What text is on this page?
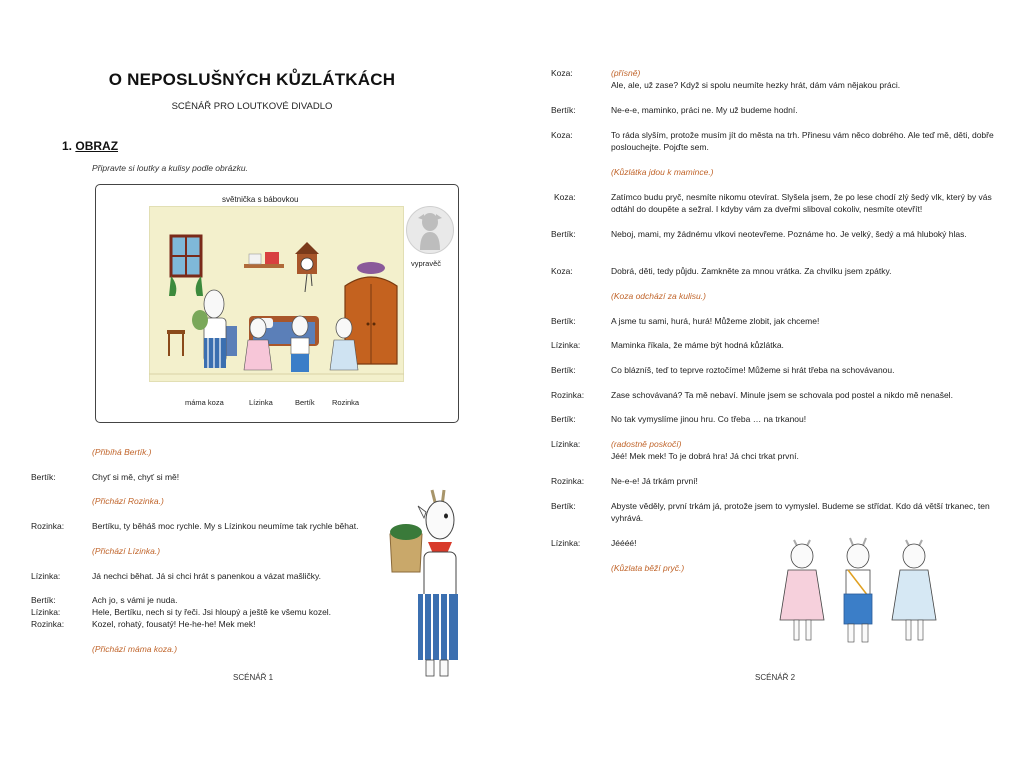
O NEPOSLUŠNÝCH KŮZLÁTKÁCH
SCÉNÁŘ PRO LOUTKOVÉ DIVADLO
1. OBRAZ
Připravte si loutky a kulisy podle obrázku.
světnička s bábovkou
vypravěč
máma koza	Lízinka	Bertík Rozinka
(Přibíhá Bertík.)
Bertík:	Chyť si mě, chyť si mě!
(Přichází Rozinka.)
Rozinka:	Bertíku, ty běháš moc rychle. My s Lízinkou neumíme tak rychle běhat.
(Přichází Lízinka.)
Lízinka:	Já nechci běhat. Já si chci hrát s panenkou a vázat mašličky.
Bertík:	Ach jo, s vámi je nuda.
Lízinka:	Hele, Bertíku, nech si ty řeči. Jsi hloupý a ještě ke všemu kozel.
Rozinka:	Kozel, rohatý, fousatý! He-he-he! Mek mek!
(Přichází máma koza.)
SCÉNÁŘ 1
Koza:	(přísně)
Ale, ale, už zase? Když si spolu neumíte hezky hrát, dám vám nějakou práci.
Bertík:	Ne-e-e, maminko, práci ne. My už budeme hodní.
Koza:	To ráda slyším, protože musím jít do města na trh. Přinesu vám něco dobrého. Ale teď mě, děti, dobře poslouchejte. Pojďte sem.
(Kůzlátka jdou k mamince.)
Koza:	Zatímco budu pryč, nesmíte nikomu otevírat. Slyšela jsem, že po lese chodí zlý šedý vlk, který by vás odtáhl do doupěte a sežral. I kdyby vám za dveřmi sliboval cokoliv, nesmíte otevřít!
Bertík:	Neboj, mami, my žádnému vlkovi neotevřeme. Poznáme ho. Je velký, šedý a má hluboký hlas.
Koza:	Dobrá, děti, tedy půjdu. Zamkněte za mnou vrátka. Za chvilku jsem zpátky.
(Koza odchází za kulisu.)
Bertík:	A jsme tu sami, hurá, hurá! Můžeme zlobit, jak chceme!
Lízinka:	Maminka říkala, že máme být hodná kůzlátka.
Bertík:	Co blázníš, teď to teprve roztočíme! Můžeme si hrát třeba na schovávanou.
Rozinka:	Zase schovávaná? Ta mě nebaví. Minule jsem se schovala pod postel a nikdo mě nenašel.
Bertík:	No tak vymyslíme jinou hru. Co třeba … na trkanou!
Lízinka:	(radostně poskočí)
Jéé! Mek mek! To je dobrá hra! Já chci trkat první.
Rozinka:	Ne-e-e! Já trkám první!
Bertík:	Abyste věděly, první trkám já, protože jsem to vymyslel. Budeme se střídat. Kdo dá větší trkanec, ten vyhrává.
Lízinka:	Jéééé!
(Kůzlata běží pryč.)
SCÉNÁŘ 2
